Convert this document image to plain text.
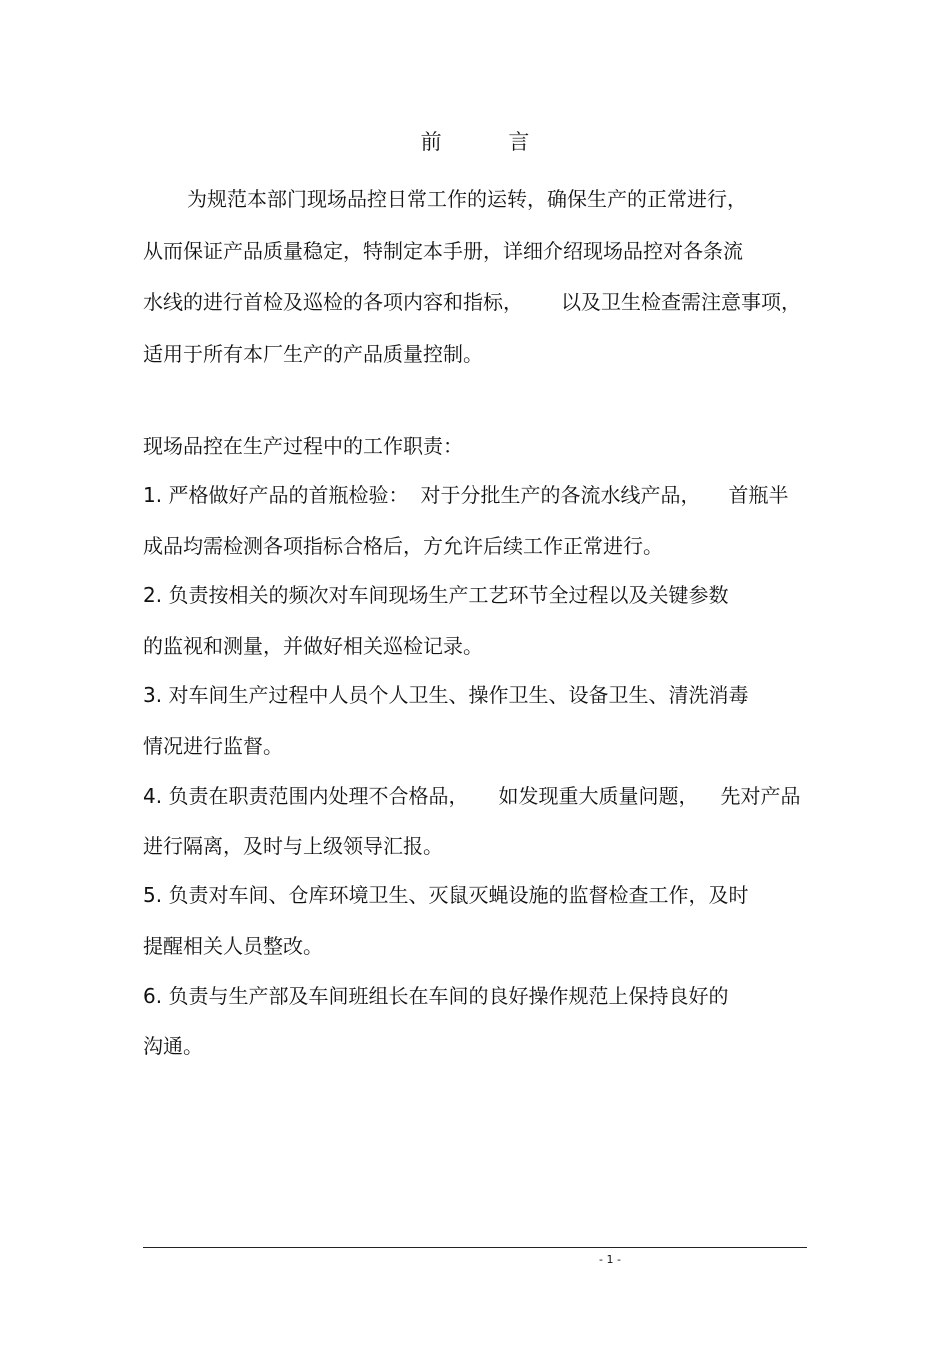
前 言
为规范本部门现场品控日常工作的运转，确保生产的正常进行，
从而保证产品质量稳定，特制定本手册，详细介绍现场品控对各条流
水线的进行首检及巡检的各项内容和指标， 以及卫生检查需注意事项，
适用于所有本厂生产的产品质量控制。
现场品控在生产过程中的工作职责：
1. 严格做好产品的首瓶检验： 对于分批生产的各流水线产品， 首瓶半
成品均需检测各项指标合格后，方允许后续工作正常进行。
2. 负责按相关的频次对车间现场生产工艺环节全过程以及关键参数
的监视和测量，并做好相关巡检记录。
3. 对车间生产过程中人员个人卫生、操作卫生、设备卫生、清洗消毒
情况进行监督。
4. 负责在职责范围内处理不合格品， 如发现重大质量问题， 先对产品
进行隔离，及时与上级领导汇报。
5. 负责对车间、仓库环境卫生、灭鼠灭蝇设施的监督检查工作，及时
提醒相关人员整改。
6. 负责与生产部及车间班组长在车间的良好操作规范上保持良好的
沟通。
- 1 -
